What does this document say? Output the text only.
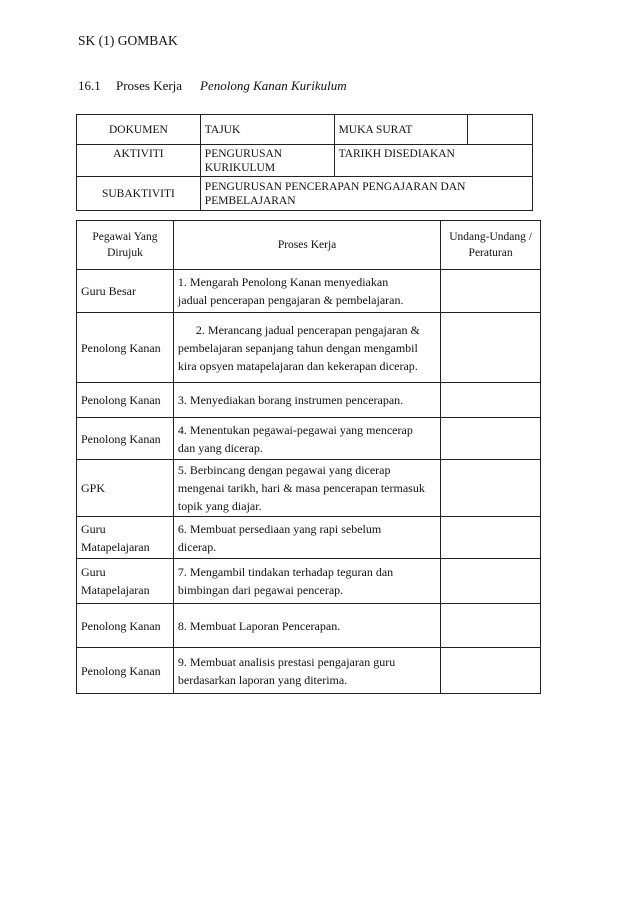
SK (1) GOMBAK
16.1 Proses Kerja Penolong Kanan Kurikulum
DOKUMEN	TAJUK	MUKA SURAT	
AKTIVITI	PENGURUSAN KURIKULUM	TARIKH DISEDIAKAN	
SUBAKTIVITI	PENGURUSAN PENCERAPAN PENGAJARAN DAN PEMBELAJARAN		
Pegawai Yang Dirujuk	Proses Kerja	Undang-Undang / Peraturan
Guru Besar	1. Mengarah Penolong Kanan menyediakan
jadual pencerapan pengajaran & pembelajaran.	

Penolong Kanan	2. Merancang jadual pencerapan pengajaran &
pembelajaran sepanjang tahun dengan mengambil kira opsyen matapelajaran dan kekerapan dicerap.	

Penolong Kanan	3. Menyediakan borang instrumen pencerapan.	

Penolong Kanan	4. Menentukan pegawai-pegawai yang mencerap
dan yang dicerap.	

GPK	5. Berbincang dengan pegawai yang dicerap
mengenai tarikh, hari & masa pencerapan termasuk topik yang diajar.	

Guru Matapelajaran	6. Membuat persediaan yang rapi sebelum
dicerap.	

Guru Matapelajaran	7. Mengambil tindakan terhadap teguran dan
bimbingan dari pegawai pencerap.	

Penolong Kanan	8. Membuat Laporan Pencerapan.	

Penolong Kanan	9. Membuat analisis prestasi pengajaran guru
berdasarkan laporan yang diterima.	
